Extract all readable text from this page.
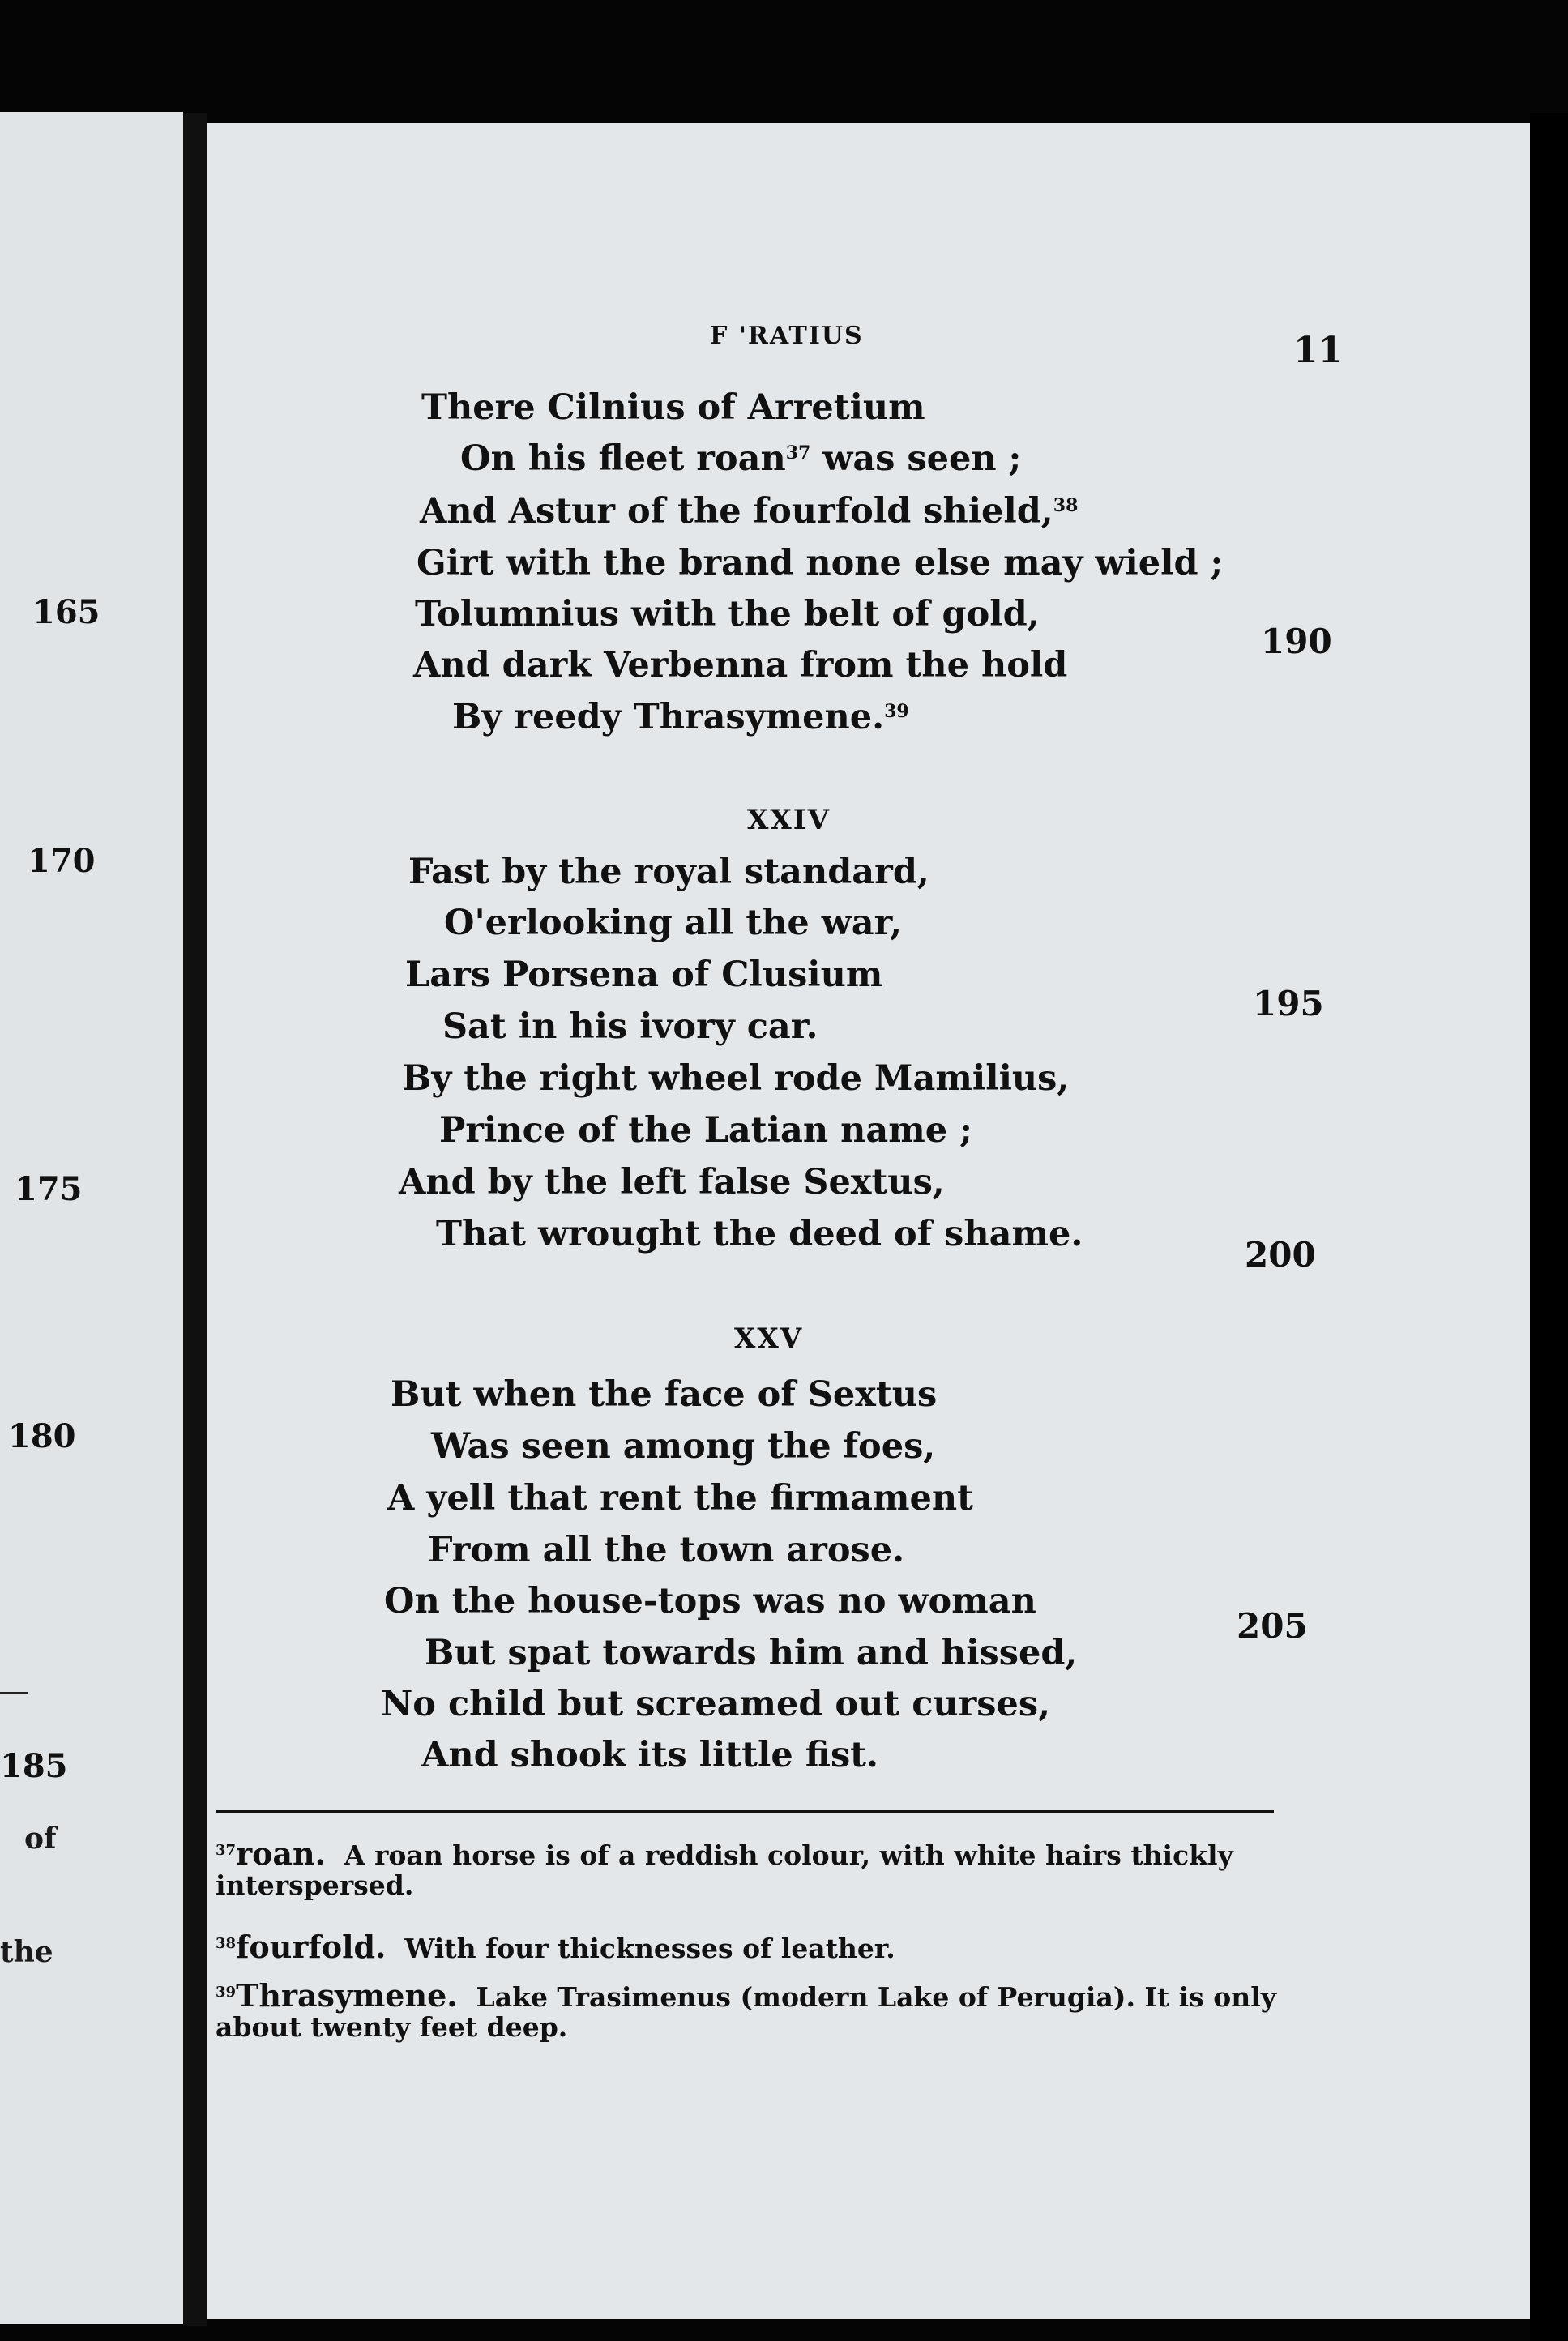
165
170
175
180
185
of
the
F 'RATIUS	11
There Cilnius of Arretium
On his fleet roan$^{37}$ was seen ;
And Astur of the fourfold shield,$^{38}$
Girt with the brand none else may wield ;
Tolumnius with the belt of gold,
And dark Verbenna from the hold
By reedy Thrasymene.$^{39}$
XXIV
Fast by the royal standard,
O'erlooking all the war,
Lars Porsena of Clusium
Sat in his ivory car.
By the right wheel rode Mamilius,
Prince of the Latian name ;
And by the left false Sextus,
That wrought the deed of shame.
XXV
But when the face of Sextus
Was seen among the foes,
A yell that rent the firmament
From all the town arose.
On the house-tops was no woman
But spat towards him and hissed,
No child but screamed out curses,
And shook its little fist.
190
195
200
205
$^{37}$roan. A roan horse is of a reddish colour, with white hairs thickly interspersed.
$^{38}$fourfold. With four thicknesses of leather.
$^{39}$Thrasymene. Lake Trasimenus (modern Lake of Perugia). It is only about twenty feet deep.
